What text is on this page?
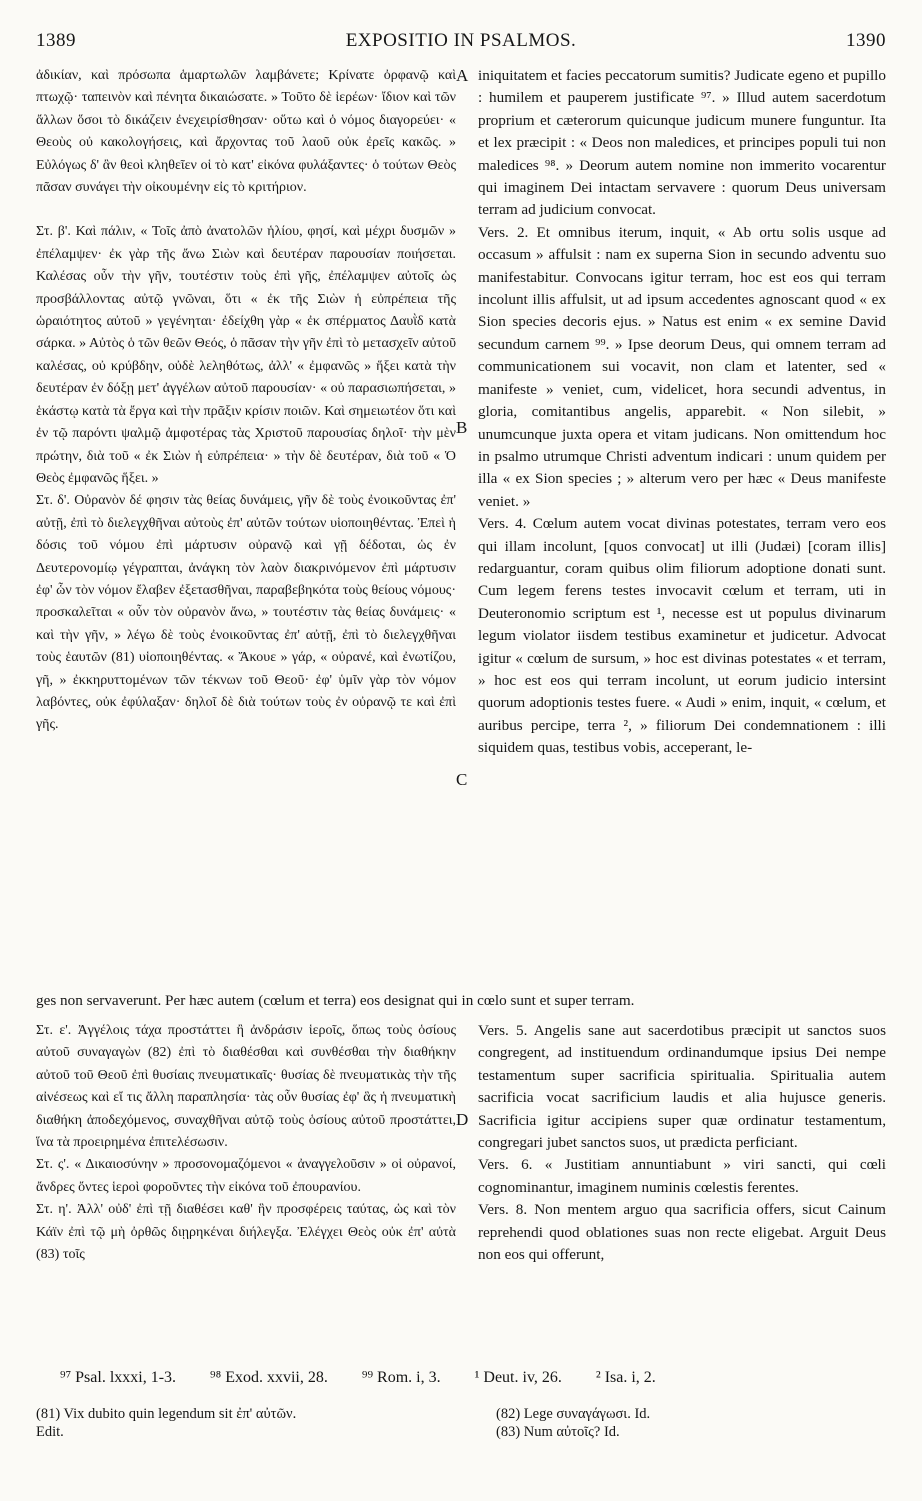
1389	EXPOSITIO IN PSALMOS.	1390

ἀδικίαν, καὶ πρόσωπα ἁμαρτωλῶν λαμβάνετε; Κρίνατε ὀρφανῷ καὶ πτωχῷ· ταπεινὸν καὶ πένητα δικαιώσατε. » Τοῦτο δὲ ἱερέων· ἴδιον καὶ τῶν ἄλλων ὅσοι τὸ δικάζειν ἐνεχειρίσθησαν· οὕτω καὶ ὁ νόμος διαγορεύει· « Θεοὺς οὐ κακολογήσεις, καὶ ἄρχοντας τοῦ λαοῦ οὐκ ἐρεῖς κακῶς. » Εὐλόγως δ' ἂν θεοὶ κληθεῖεν οἱ τὸ κατ' εἰκόνα φυλάξαντες· ὁ τούτων Θεὸς πᾶσαν συνάγει τὴν οἰκουμένην εἰς τὸ κριτήριον.

Στ. β'. Καὶ πάλιν, « Τοῖς ἀπὸ ἀνατολῶν ἡλίου, φησί, καὶ μέχρι δυσμῶν » ἐπέλαμψεν· ἐκ γὰρ τῆς ἄνω Σιὼν καὶ δευτέραν παρουσίαν ποιήσεται. Καλέσας οὖν τὴν γῆν, τουτέστιν τοὺς ἐπὶ γῆς, ἐπέλαμψεν αὐτοῖς ὡς προσβάλλοντας αὐτῷ γνῶναι, ὅτι « ἐκ τῆς Σιὼν ἡ εὐπρέπεια τῆς ὡραιότητος αὐτοῦ » γεγένηται· ἐδείχθη γὰρ « ἐκ σπέρματος Δαυῒδ κατὰ σάρκα. » Αὐτὸς ὁ τῶν θεῶν Θεός, ὁ πᾶσαν τὴν γῆν ἐπὶ τὸ μετασχεῖν αὐτοῦ καλέσας, οὐ κρύβδην, οὐδὲ λεληθότως, ἀλλ' « ἐμφανῶς » ἥξει κατὰ τὴν δευτέραν ἐν δόξῃ μετ' ἀγγέλων αὐτοῦ παρουσίαν· « οὐ παρασιωπήσεται, » ἑκάστῳ κατὰ τὰ ἔργα καὶ τὴν πρᾶξιν κρίσιν ποιῶν. Καὶ σημειωτέον ὅτι καὶ ἐν τῷ παρόντι ψαλμῷ ἀμφοτέρας τὰς Χριστοῦ παρουσίας δηλοῖ· τὴν μὲν πρώτην, διὰ τοῦ « ἐκ Σιὼν ἡ εὐπρέπεια· » τὴν δὲ δευτέραν, διὰ τοῦ « Ὁ Θεὸς ἐμφανῶς ἥξει. »

Στ. δ'. Οὐρανὸν δέ φησιν τὰς θείας δυνάμεις, γῆν δὲ τοὺς ἐνοικοῦντας ἐπ' αὐτῇ, ἐπὶ τὸ διελεγχθῆναι αὐτοὺς ἐπ' αὐτῶν τούτων υἱοποιηθέντας. Ἐπεὶ ἡ δόσις τοῦ νόμου ἐπὶ μάρτυσιν οὐρανῷ καὶ γῇ δέδοται, ὡς ἐν Δευτερονομίῳ γέγραπται, ἀνάγκη τὸν λαὸν διακρινόμενον ἐπὶ μάρτυσιν ἐφ' ὧν τὸν νόμον ἔλαβεν ἐξετασθῆναι, παραβεβηκότα τοὺς θείους νόμους· προσκαλεῖται « οὖν τὸν οὐρανὸν ἄνω, » τουτέστιν τὰς θείας δυνάμεις· « καὶ τὴν γῆν, » λέγω δὲ τοὺς ἐνοικοῦντας ἐπ' αὐτῇ, ἐπὶ τὸ διελεγχθῆναι τοὺς ἑαυτῶν (81) υἱοποιηθέντας. « Ἄκουε » γάρ, « οὐρανέ, καὶ ἐνωτίζου, γῆ, » ἐκκηρυττομένων τῶν τέκνων τοῦ Θεοῦ· ἐφ' ὑμῖν γὰρ τὸν νόμον λαβόντες, οὐκ ἐφύλαξαν· δηλοῖ δὲ διὰ τούτων τοὺς ἐν οὐρανῷ τε καὶ ἐπὶ γῆς.

iniquitatem et facies peccatorum sumitis? Judicate egeno et pupillo : humilem et pauperem justificate ⁹⁷. » Illud autem sacerdotum proprium et cæterorum quicunque judicum munere funguntur. Ita et lex præcipit : « Deos non maledices, et principes populi tui non maledices ⁹⁸. » Deorum autem nomine non immerito vocarentur qui imaginem Dei intactam servavere : quorum Deus universam terram ad judicium convocat.

Vers. 2. Et omnibus iterum, inquit, « Ab ortu solis usque ad occasum » affulsit : nam ex superna Sion in secundo adventu suo manifestabitur. Convocans igitur terram, hoc est eos qui terram incolunt illis affulsit, ut ad ipsum accedentes agnoscant quod « ex Sion species decoris ejus. » Natus est enim « ex semine David secundum carnem ⁹⁹. » Ipse deorum Deus, qui omnem terram ad communicationem sui vocavit, non clam et latenter, sed « manifeste » veniet, cum, videlicet, hora secundi adventus, in gloria, comitantibus angelis, apparebit. « Non silebit, » unumcunque juxta opera et vitam judicans. Non omittendum hoc in psalmo utrumque Christi adventum indicari : unum quidem per illa « ex Sion species ; » alterum vero per hæc « Deus manifeste veniet. »

Vers. 4. Cœlum autem vocat divinas potestates, terram vero eos qui illam incolunt, [quos convocat] ut illi (Judæi) [coram illis] redarguantur, coram quibus olim filiorum adoptione donati sunt. Cum legem ferens testes invocavit cœlum et terram, uti in Deuteronomio scriptum est ¹, necesse est ut populus divinarum legum violator iisdem testibus examinetur et judicetur. Advocat igitur « cœlum de sursum, » hoc est divinas potestates « et terram, » hoc est eos qui terram incolunt, ut eorum judicio intersint quorum adoptionis testes fuere. « Audi » enim, inquit, « cœlum, et auribus percipe, terra ², » filiorum Dei condemnationem : illi siquidem quas, testibus vobis, acceperant, le-

A
B
C
D
ges non servaverunt. Per hæc autem (cœlum et terra) eos designat qui in cœlo sunt et super terram.

Στ. ε'. Ἀγγέλοις τάχα προστάττει ἢ ἀνδράσιν ἱεροῖς, ὅπως τοὺς ὁσίους αὐτοῦ συναγαγὼν (82) ἐπὶ τὸ διαθέσθαι καὶ συνθέσθαι τὴν διαθήκην αὐτοῦ τοῦ Θεοῦ ἐπὶ θυσίαις πνευματικαῖς· θυσίας δὲ πνευματικὰς τὴν τῆς αἰνέσεως καὶ εἴ τις ἄλλη παραπλησία· τὰς οὖν θυσίας ἐφ' ἃς ἡ πνευματικὴ διαθήκη ἀποδεχόμενος, συναχθῆναι αὐτῷ τοὺς ὁσίους αὐτοῦ προστάττει, ἵνα τὰ προειρημένα ἐπιτελέσωσιν.

Στ. ς'. « Δικαιοσύνην » προσονομαζόμενοι « ἀναγγελοῦσιν » οἱ οὐρανοί, ἄνδρες ὄντες ἱεροὶ φοροῦντες τὴν εἰκόνα τοῦ ἐπουρανίου.

Στ. η'. Ἀλλ' οὐδ' ἐπὶ τῇ διαθέσει καθ' ἣν προσφέρεις ταύτας, ὡς καὶ τὸν Κάϊν ἐπὶ τῷ μὴ ὀρθῶς διῃρηκέναι διήλεγξα. Ἐλέγχει Θεὸς οὐκ ἐπ' αὐτὰ (83) τοῖς

Vers. 5. Angelis sane aut sacerdotibus præcipit ut sanctos suos congregent, ad instituendum ordinandumque ipsius Dei nempe testamentum super sacrificia spiritualia. Spiritualia autem sacrificia vocat sacrificium laudis et alia hujusce generis. Sacrificia igitur accipiens super quæ ordinatur testamentum, congregari jubet sanctos suos, ut prædicta perficiant.

Vers. 6. « Justitiam annuntiabunt » viri sancti, qui cœli cognominantur, imaginem numinis cœlestis ferentes.

Vers. 8. Non mentem arguo qua sacrificia offers, sicut Cainum reprehendi quod oblationes suas non recte eligebat. Arguit Deus non eos qui offerunt,

⁹⁷ Psal. lxxxi, 1-3. ⁹⁸ Exod. xxvii, 28. ⁹⁹ Rom. i, 3. ¹ Deut. iv, 26. ² Isa. i, 2.
(81) Vix dubito quin legendum sit ἐπ' αὐτῶν.
Edit.
(82) Lege συναγάγωσι. Id.
(83) Num αὐτοῖς? Id.
